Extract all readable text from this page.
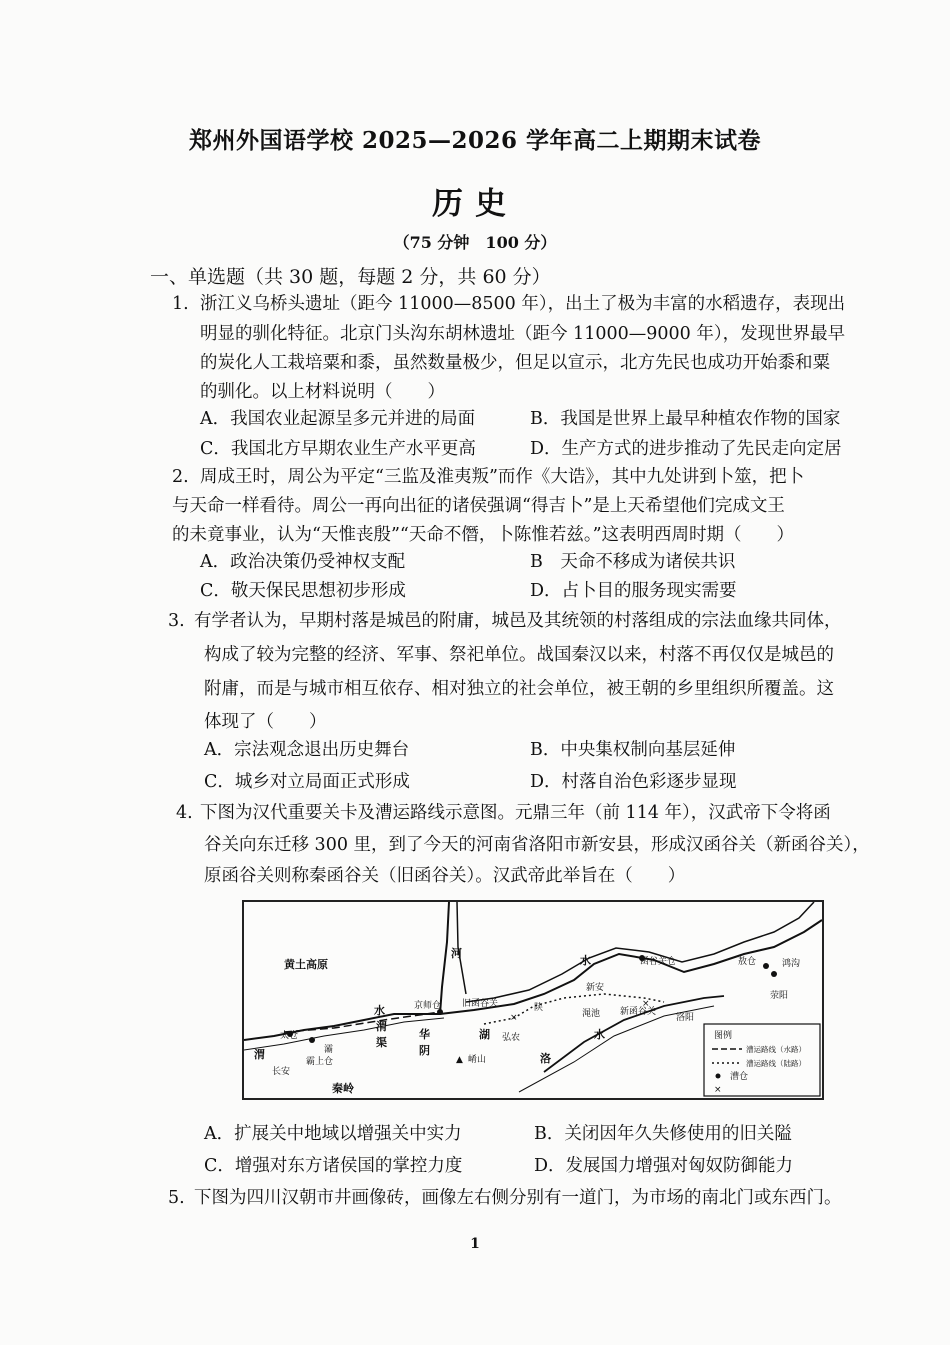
郑州外国语学校 2025—2026 学年高二上期期末试卷
历史
（75 分钟　100 分）
一、单选题（共 30 题，每题 2 分，共 60 分）
1. 浙江义乌桥头遗址（距今 11000—8500 年），出土了极为丰富的水稻遗存，表现出
明显的驯化特征。北京门头沟东胡林遗址（距今 11000—9000 年），发现世界最早
的炭化人工栽培粟和黍，虽然数量极少，但足以宣示，北方先民也成功开始黍和粟
的驯化。以上材料说明（　　）
A．我国农业起源呈多元并进的局面	B．我国是世界上最早种植农作物的国家
C．我国北方早期农业生产水平更高	D．生产方式的进步推动了先民走向定居
2. 周成王时，周公为平定“三监及淮夷叛”而作《大诰》，其中九处讲到卜筮，把卜
与天命一样看待。周公一再向出征的诸侯强调“得吉卜”是上天希望他们完成文王
的未竟事业，认为“天惟丧殷”“天命不僭，卜陈惟若兹。”这表明西周时期（　　）
A．政治决策仍受神权支配	B　天命不移成为诸侯共识
C．敬天保民思想初步形成	D．占卜目的服务现实需要
3. 有学者认为，早期村落是城邑的附庸，城邑及其统领的村落组成的宗法血缘共同体，
构成了较为完整的经济、军事、祭祀单位。战国秦汉以来，村落不再仅仅是城邑的
附庸，而是与城市相互依存、相对独立的社会单位，被王朝的乡里组织所覆盖。这
体现了（　　）
A．宗法观念退出历史舞台	B．中央集权制向基层延伸
C．城乡对立局面正式形成	D．村落自治色彩逐步显现
4. 下图为汉代重要关卡及漕运路线示意图。元鼎三年（前 114 年），汉武帝下令将函
谷关向东迁移 300 里，到了今天的河南省洛阳市新安县，形成汉函谷关（新函谷关），
原函谷关则称秦函谷关（旧函谷关）。汉武帝此举旨在（　　）
×
×
▲
黄土高原
河
水	函谷关仓	敖仓	鸿沟
荥阳
水	京师仓 旧函谷关	陕
新安
渑池 新函谷关
洛阳
太仓
渭	灞
渭
渠
华
阴
湖 弘农	水
洛
长安
霸上仓	崤山
秦岭
图例
漕运路线（水路）
漕运路线（陆路）
漕仓
×
A．扩展关中地域以增强关中实力	B．关闭因年久失修使用的旧关隘
C．增强对东方诸侯国的掌控力度	D．发展国力增强对匈奴防御能力
5. 下图为四川汉朝市井画像砖，画像左右侧分别有一道门，为市场的南北门或东西门。
1
